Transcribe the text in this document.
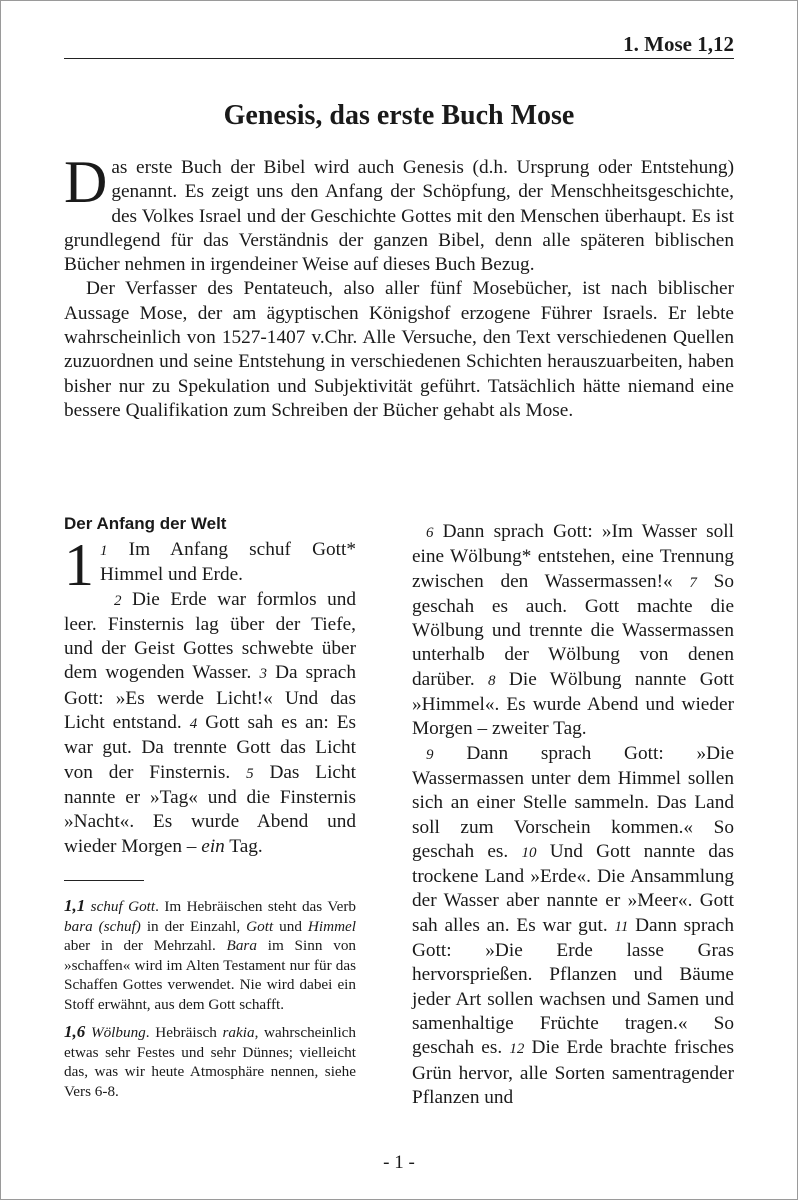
1. Mose 1,12
Genesis, das erste Buch Mose

Das erste Buch der Bibel wird auch Genesis (d.h. Ursprung oder Entstehung) genannt. Es zeigt uns den Anfang der Schöpfung, der Menschheitsgeschichte, des Volkes Israel und der Geschichte Gottes mit den Menschen überhaupt. Es ist grundlegend für das Verständnis der ganzen Bibel, denn alle späteren biblischen Bücher nehmen in irgendeiner Weise auf dieses Buch Bezug.

Der Verfasser des Pentateuch, also aller fünf Mosebücher, ist nach biblischer Aussage Mose, der am ägyptischen Königshof erzogene Führer Israels. Er lebte wahrscheinlich von 1527-1407 v.Chr. Alle Versuche, den Text verschiedenen Quellen zuzuordnen und seine Entstehung in verschiedenen Schichten herauszuarbeiten, haben bisher nur zu Spekulation und Subjektivität geführt. Tatsächlich hätte niemand eine bessere Qualifikation zum Schreiben der Bücher gehabt als Mose.

Der Anfang der Welt

1 1 Im Anfang schuf Gott* Himmel und Erde.

2 Die Erde war formlos und leer. Finsternis lag über der Tiefe, und der Geist Gottes schwebte über dem wogenden Wasser. 3 Da sprach Gott: »Es werde Licht!« Und das Licht entstand. 4 Gott sah es an: Es war gut. Da trennte Gott das Licht von der Finsternis. 5 Das Licht nannte er »Tag« und die Finsternis »Nacht«. Es wurde Abend und wieder Morgen – ein Tag.

6 Dann sprach Gott: »Im Wasser soll eine Wölbung* entstehen, eine Trennung zwischen den Wassermassen!« 7 So geschah es auch. Gott machte die Wölbung und trennte die Wassermassen unterhalb der Wölbung von denen darüber. 8 Die Wölbung nannte Gott »Himmel«. Es wurde Abend und wieder Morgen – zweiter Tag.

9 Dann sprach Gott: »Die Wassermassen unter dem Himmel sollen sich an einer Stelle sammeln. Das Land soll zum Vorschein kommen.« So geschah es. 10 Und Gott nannte das trockene Land »Erde«. Die Ansammlung der Wasser aber nannte er »Meer«. Gott sah alles an. Es war gut. 11 Dann sprach Gott: »Die Erde lasse Gras hervorsprießen. Pflanzen und Bäume jeder Art sollen wachsen und Samen und samenhaltige Früchte tragen.« So geschah es. 12 Die Erde brachte frisches Grün hervor, alle Sorten samentragender Pflanzen und

1,1 schuf Gott. Im Hebräischen steht das Verb bara (schuf) in der Einzahl, Gott und Himmel aber in der Mehrzahl. Bara im Sinn von »schaffen« wird im Alten Testament nur für das Schaffen Gottes verwendet. Nie wird dabei ein Stoff erwähnt, aus dem Gott schafft.

1,6 Wölbung. Hebräisch rakia, wahrscheinlich etwas sehr Festes und sehr Dünnes; vielleicht das, was wir heute Atmosphäre nennen, siehe Vers 6-8.

- 1 -
